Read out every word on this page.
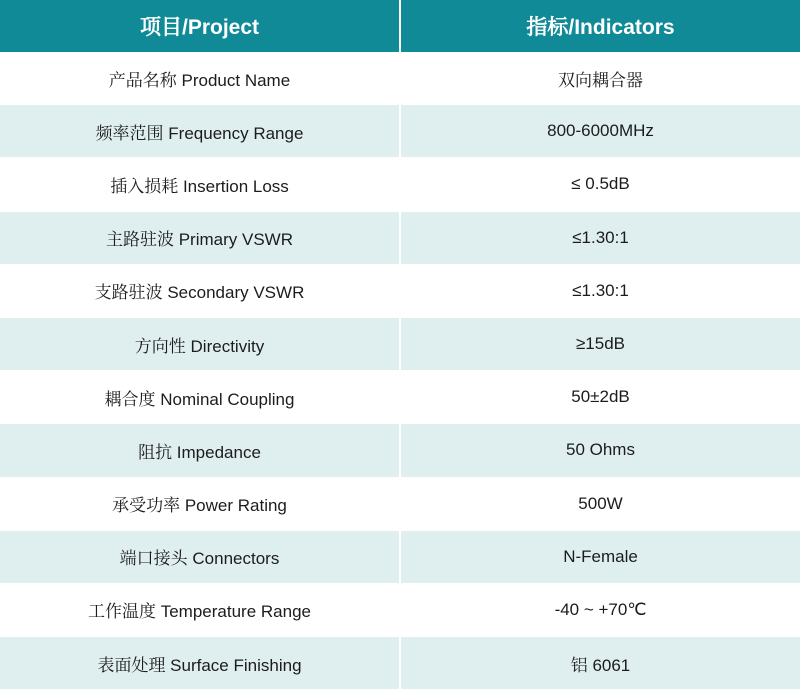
项目/Project	指标/Indicators
产品名称 Product Name	双向耦合器
频率范围 Frequency Range	800-6000MHz
插入损耗 Insertion Loss	≤ 0.5dB
主路驻波 Primary VSWR	≤1.30:1
支路驻波 Secondary VSWR	≤1.30:1
方向性 Directivity	≥15dB
耦合度 Nominal Coupling	50±2dB
阻抗 Impedance	50 Ohms
承受功率 Power Rating	500W
端口接头 Connectors	N-Female
工作温度 Temperature Range	-40 ~ +70℃
表面处理 Surface Finishing	铝 6061
